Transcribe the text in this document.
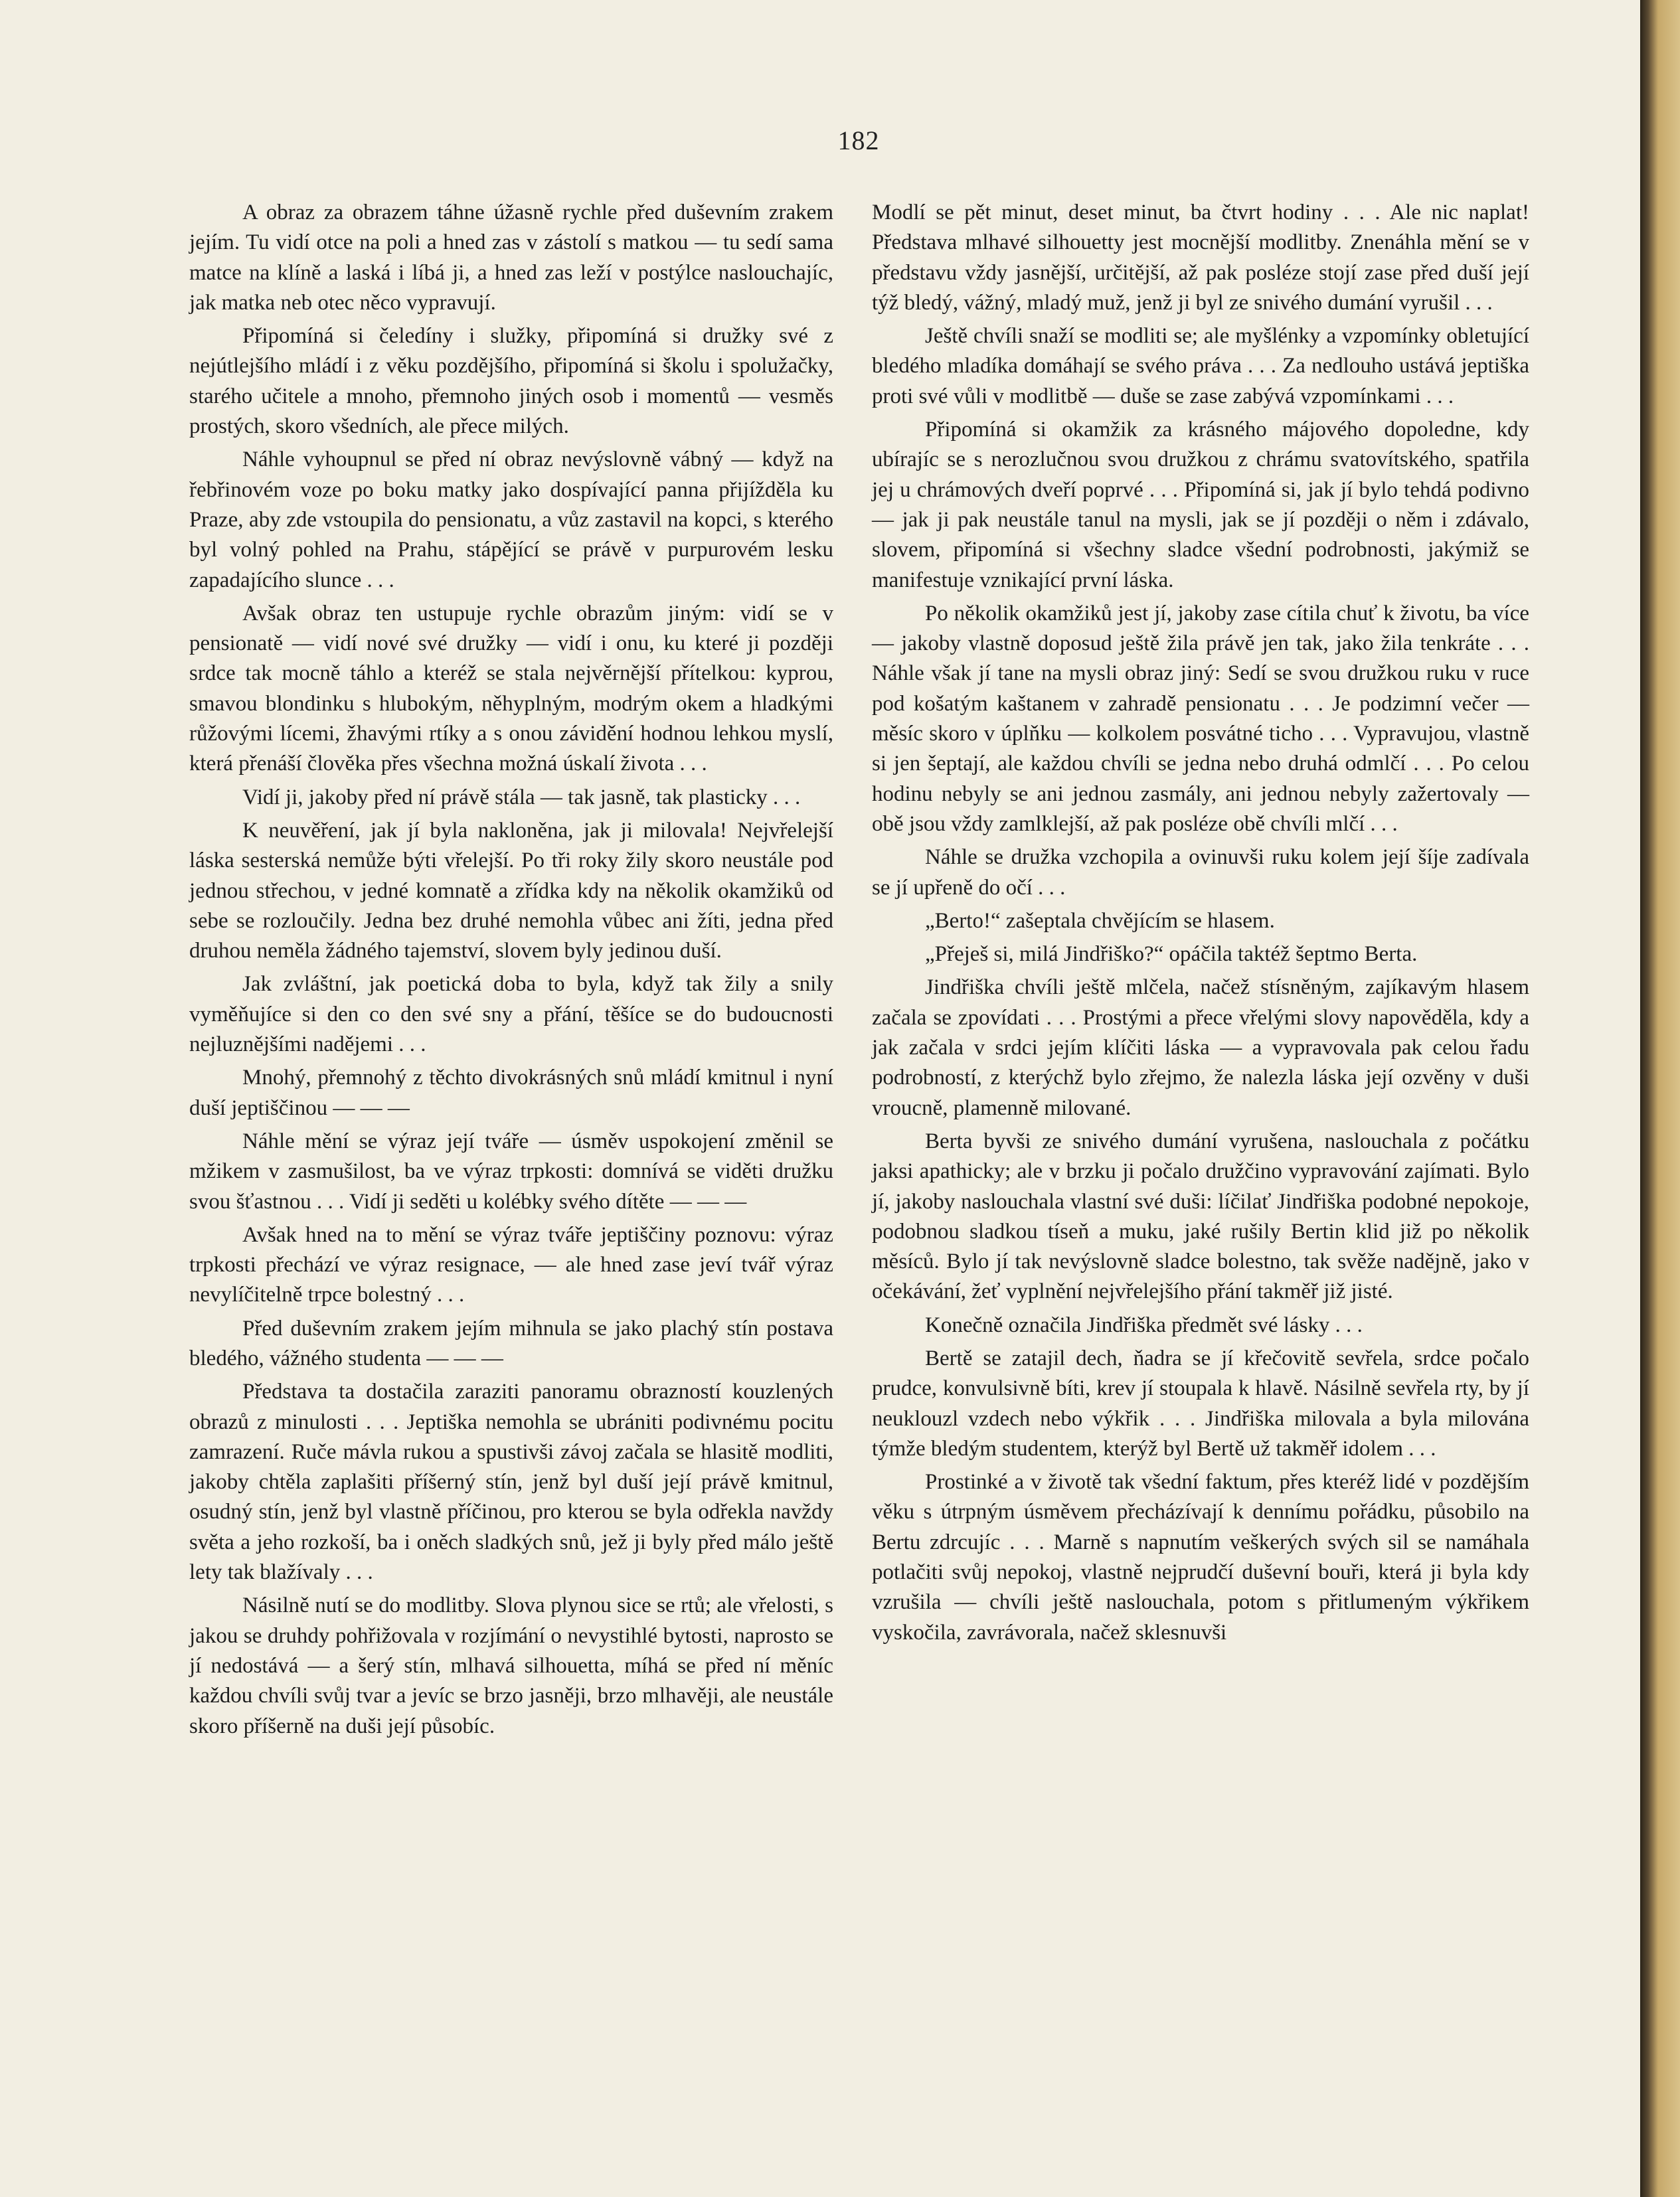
182

A obraz za obrazem táhne úžasně rychle před duševním zrakem jejím. Tu vidí otce na poli a hned zas v zástolí s matkou — tu sedí sama matce na klíně a laská i líbá ji, a hned zas leží v postýlce naslouchajíc, jak matka neb otec něco vypravují.

Připomíná si čeledíny i služky, připomíná si družky své z nejútlejšího mládí i z věku pozdějšího, připomíná si školu i spolužačky, starého učitele a mnoho, přemnoho jiných osob i momentů — vesměs prostých, skoro všedních, ale přece milých.

Náhle vyhoupnul se před ní obraz nevýslovně vábný — když na řebřinovém voze po boku matky jako dospívající panna přijížděla ku Praze, aby zde vstoupila do pensionatu, a vůz zastavil na kopci, s kterého byl volný pohled na Prahu, stápějící se právě v purpurovém lesku zapadajícího slunce . . .

Avšak obraz ten ustupuje rychle obrazům jiným: vidí se v pensionatě — vidí nové své družky — vidí i onu, ku které ji později srdce tak mocně táhlo a kteréž se stala nejvěrnější přítelkou: kyprou, smavou blondinku s hlubokým, něhyplným, modrým okem a hladkými růžovými lícemi, žhavými rtíky a s onou závidění hodnou lehkou myslí, která přenáší člověka přes všechna možná úskalí života . . .

Vidí ji, jakoby před ní právě stála — tak jasně, tak plasticky . . .

K neuvěření, jak jí byla nakloněna, jak ji milovala! Nejvřelejší láska sesterská nemůže býti vřelejší. Po tři roky žily skoro neustále pod jednou střechou, v jedné komnatě a zřídka kdy na několik okamžiků od sebe se rozloučily. Jedna bez druhé nemohla vůbec ani žíti, jedna před druhou neměla žádného tajemství, slovem byly jedinou duší.

Jak zvláštní, jak poetická doba to byla, když tak žily a snily vyměňujíce si den co den své sny a přání, těšíce se do budoucnosti nejluznějšími nadějemi . . .

Mnohý, přemnohý z těchto divokrásných snů mládí kmitnul i nyní duší jeptiščinou — — —

Náhle mění se výraz její tváře — úsměv uspokojení změnil se mžikem v zasmušilost, ba ve výraz trpkosti: domnívá se viděti družku svou šťastnou . . . Vidí ji seděti u kolébky svého dítěte — — —

Avšak hned na to mění se výraz tváře jeptiščiny poznovu: výraz trpkosti přechází ve výraz resignace, — ale hned zase jeví tvář výraz nevylíčitelně trpce bolestný . . .

Před duševním zrakem jejím mihnula se jako plachý stín postava bledého, vážného studenta — — —

Představa ta dostačila zaraziti panoramu obrazností kouzlených obrazů z minulosti . . . Jeptiška nemohla se ubrániti podivnému pocitu zamrazení. Ruče mávla rukou a spustivši závoj začala se hlasitě modliti, jakoby chtěla zaplašiti příšerný stín, jenž byl duší její právě kmitnul, osudný stín, jenž byl vlastně příčinou, pro kterou se byla odřekla navždy světa a jeho rozkoší, ba i oněch sladkých snů, jež ji byly před málo ještě lety tak blažívaly . . .

Násilně nutí se do modlitby. Slova plynou sice se rtů; ale vřelosti, s jakou se druhdy pohřižovala v rozjímání o nevystihlé bytosti, naprosto se jí nedostává — a šerý stín, mlhavá silhouetta, míhá se před ní měníc každou chvíli svůj tvar a jevíc se brzo jasněji, brzo mlhavěji, ale neustále skoro příšerně na duši její působíc.

Modlí se pět minut, deset minut, ba čtvrt hodiny . . . Ale nic naplat! Představa mlhavé silhouetty jest mocnější modlitby. Znenáhla mění se v představu vždy jasnější, určitější, až pak posléze stojí zase před duší její týž bledý, vážný, mladý muž, jenž ji byl ze snivého dumání vyrušil . . .

Ještě chvíli snaží se modliti se; ale myšlénky a vzpomínky obletující bledého mladíka domáhají se svého práva . . . Za nedlouho ustává jeptiška proti své vůli v modlitbě — duše se zase zabývá vzpomínkami . . .

Připomíná si okamžik za krásného májového dopoledne, kdy ubírajíc se s nerozlučnou svou družkou z chrámu svatovítského, spatřila jej u chrámových dveří poprvé . . . Připomíná si, jak jí bylo tehdá podivno — jak ji pak neustále tanul na mysli, jak se jí později o něm i zdávalo, slovem, připomíná si všechny sladce všední podrobnosti, jakýmiž se manifestuje vznikající první láska.

Po několik okamžiků jest jí, jakoby zase cítila chuť k životu, ba více — jakoby vlastně doposud ještě žila právě jen tak, jako žila tenkráte . . . Náhle však jí tane na mysli obraz jiný: Sedí se svou družkou ruku v ruce pod košatým kaštanem v zahradě pensionatu . . . Je podzimní večer — měsíc skoro v úplňku — kolkolem posvátné ticho . . . Vypravujou, vlastně si jen šeptají, ale každou chvíli se jedna nebo druhá odmlčí . . . Po celou hodinu nebyly se ani jednou zasmály, ani jednou nebyly zažertovaly — obě jsou vždy zamlklejší, až pak posléze obě chvíli mlčí . . .

Náhle se družka vzchopila a ovinuvši ruku kolem její šíje zadívala se jí upřeně do očí . . .

„Berto!“ zašeptala chvějícím se hlasem.

„Přeješ si, milá Jindřiško?“ opáčila taktéž šeptmo Berta.

Jindřiška chvíli ještě mlčela, načež stísněným, zajíkavým hlasem začala se zpovídati . . . Prostými a přece vřelými slovy napověděla, kdy a jak začala v srdci jejím klíčiti láska — a vypravovala pak celou řadu podrobností, z kterýchž bylo zřejmo, že nalezla láska její ozvěny v duši vroucně, plamenně milované.

Berta byvši ze snivého dumání vyrušena, naslouchala z počátku jaksi apathicky; ale v brzku ji počalo družčino vypravování zajímati. Bylo jí, jakoby naslouchala vlastní své duši: líčilať Jindřiška podobné nepokoje, podobnou sladkou tíseň a muku, jaké rušily Bertin klid již po několik měsíců. Bylo jí tak nevýslovně sladce bolestno, tak svěže nadějně, jako v očekávání, žeť vyplnění nejvřelejšího přání takměř již jisté.

Konečně označila Jindřiška předmět své lásky . . .

Bertě se zatajil dech, ňadra se jí křečovitě sevřela, srdce počalo prudce, konvulsivně bíti, krev jí stoupala k hlavě. Násilně sevřela rty, by jí neuklouzl vzdech nebo výkřik . . . Jindřiška milovala a byla milována týmže bledým studentem, kterýž byl Bertě už takměř idolem . . .

Prostinké a v životě tak všední faktum, přes kteréž lidé v pozdějším věku s útrpným úsměvem přecházívají k dennímu pořádku, působilo na Bertu zdrcujíc . . . Marně s napnutím veškerých svých sil se namáhala potlačiti svůj nepokoj, vlastně nejprudčí duševní bouři, která ji byla kdy vzrušila — chvíli ještě naslouchala, potom s přitlumeným výkřikem vyskočila, zavrávorala, načež sklesnuvši
